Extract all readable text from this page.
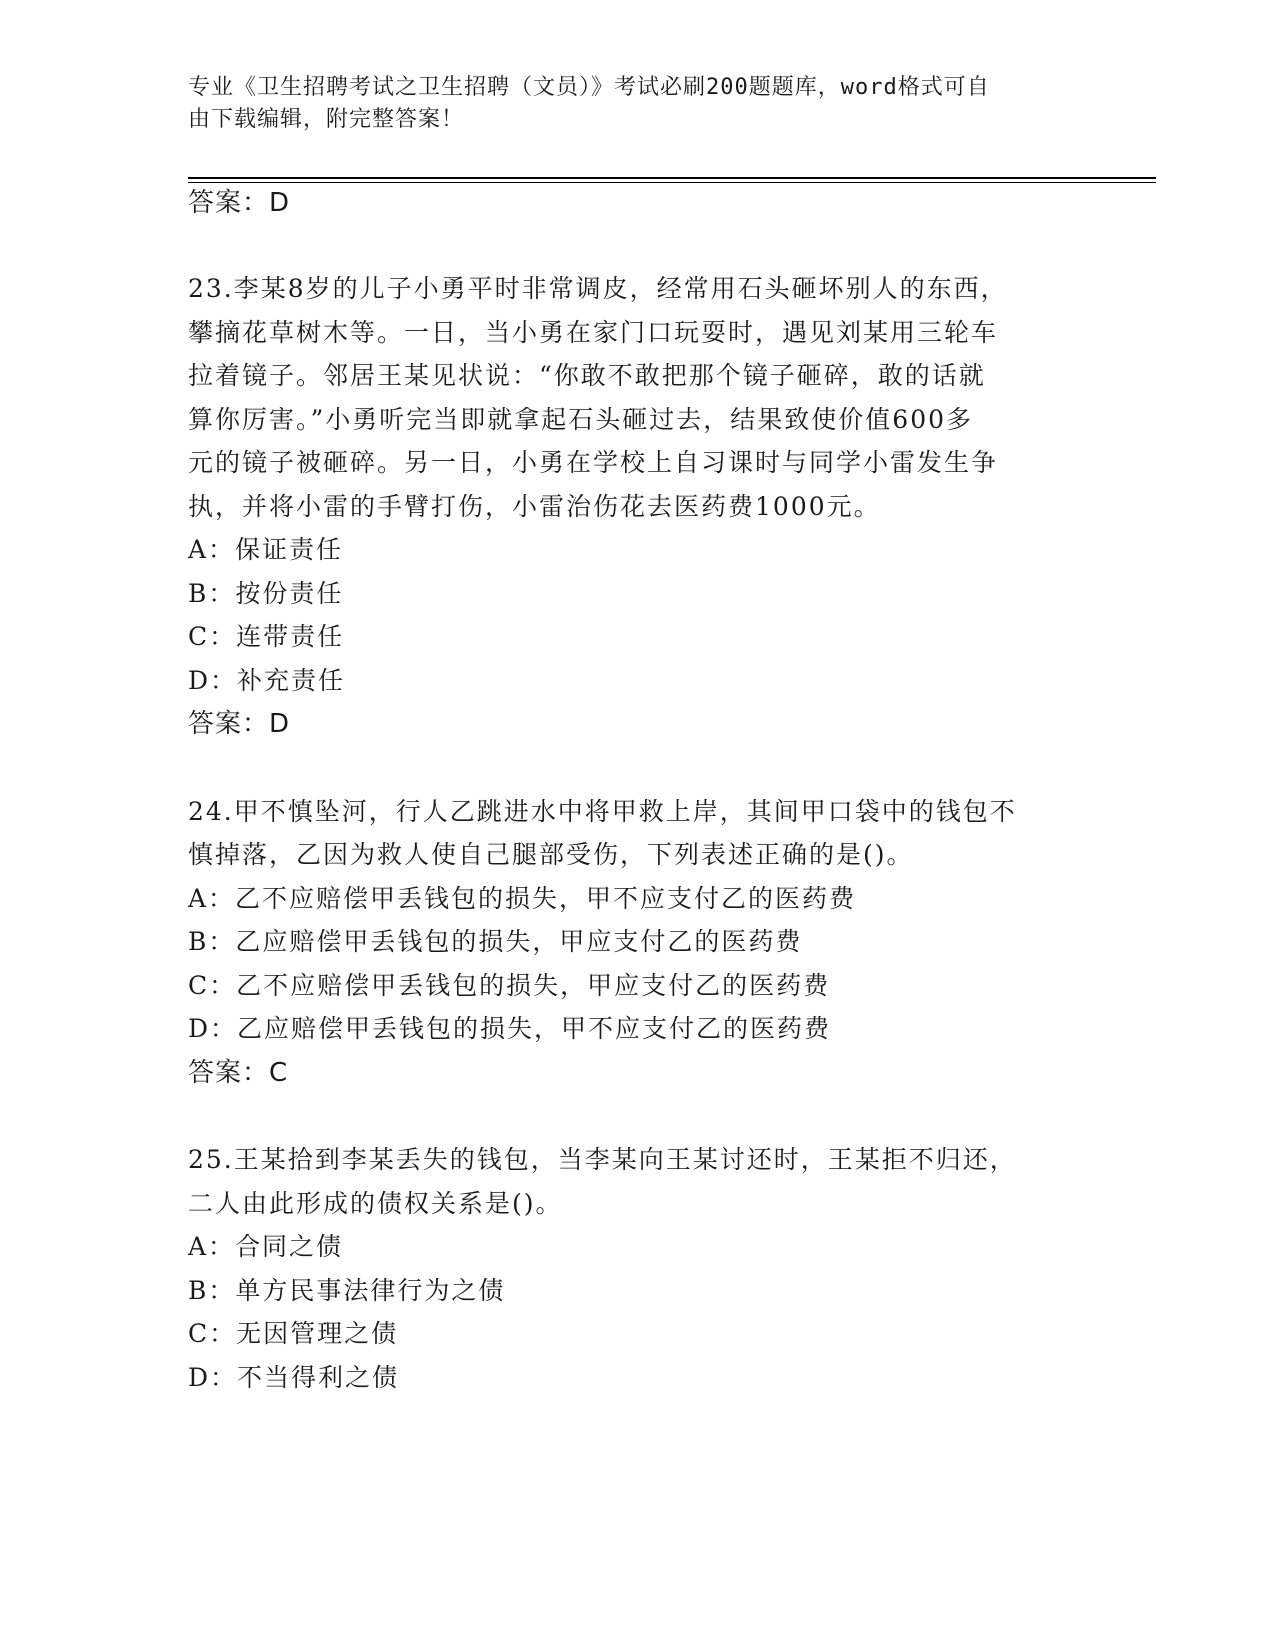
专业《卫生招聘考试之卫生招聘（文员）》考试必刷200题题库，word格式可自
由下载编辑，附完整答案！
答案：D
23.李某8岁的儿子小勇平时非常调皮，经常用石头砸坏别人的东西，
攀摘花草树木等。一日，当小勇在家门口玩耍时，遇见刘某用三轮车
拉着镜子。邻居王某见状说：“你敢不敢把那个镜子砸碎，敢的话就
算你厉害。”小勇听完当即就拿起石头砸过去，结果致使价值600多
元的镜子被砸碎。另一日，小勇在学校上自习课时与同学小雷发生争
执，并将小雷的手臂打伤，小雷治伤花去医药费1000元。
A：保证责任
B：按份责任
C：连带责任
D：补充责任
答案：D
24.甲不慎坠河，行人乙跳进水中将甲救上岸，其间甲口袋中的钱包不
慎掉落，乙因为救人使自己腿部受伤，下列表述正确的是()。
A：乙不应赔偿甲丢钱包的损失，甲不应支付乙的医药费
B：乙应赔偿甲丢钱包的损失，甲应支付乙的医药费
C：乙不应赔偿甲丢钱包的损失，甲应支付乙的医药费
D：乙应赔偿甲丢钱包的损失，甲不应支付乙的医药费
答案：C
25.王某拾到李某丢失的钱包，当李某向王某讨还时，王某拒不归还，
二人由此形成的债权关系是()。
A：合同之债
B：单方民事法律行为之债
C：无因管理之债
D：不当得利之债
